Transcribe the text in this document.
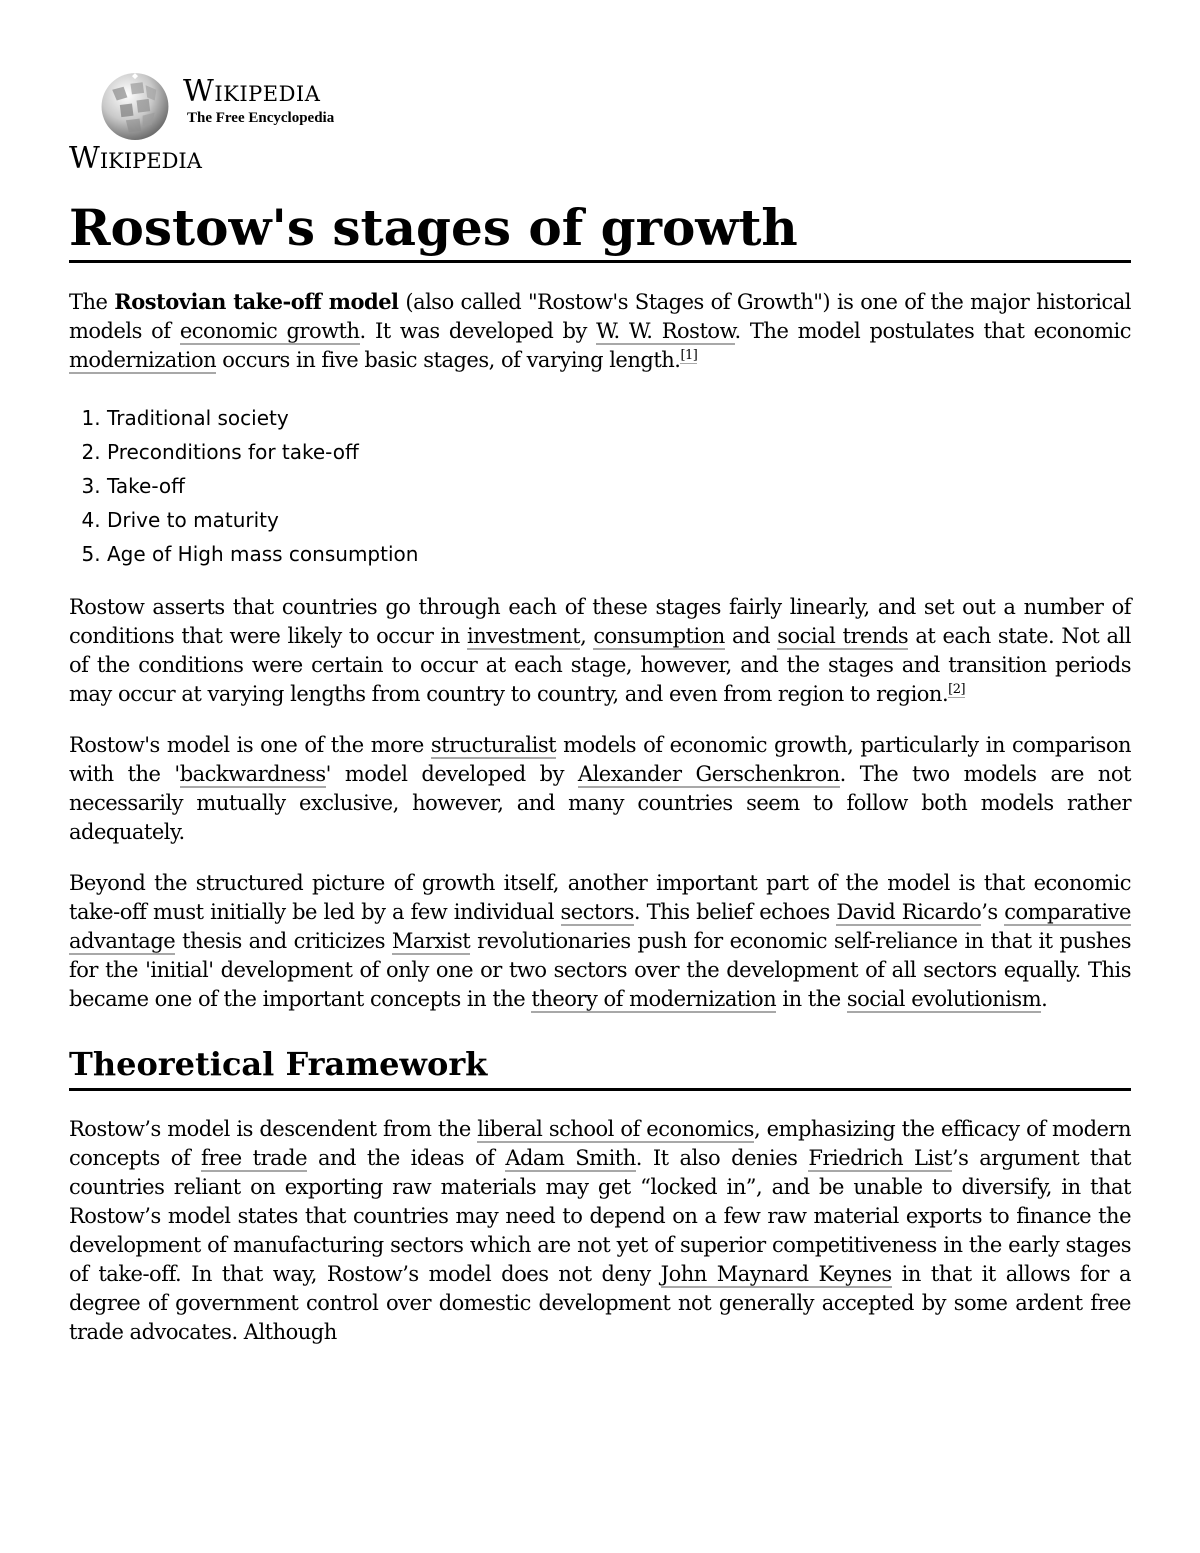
Wikipedia
The Free Encyclopedia
Wikipedia
Rostow's stages of growth

The Rostovian take-off model (also called "Rostow's Stages of Growth") is one of the major historical models of economic growth. It was developed by W. W. Rostow. The model postulates that economic modernization occurs in five basic stages, of varying length.[1]

1. Traditional society
2. Preconditions for take-off
3. Take-off
4. Drive to maturity
5. Age of High mass consumption

Rostow asserts that countries go through each of these stages fairly linearly, and set out a number of conditions that were likely to occur in investment, consumption and social trends at each state. Not all of the conditions were certain to occur at each stage, however, and the stages and transition periods may occur at varying lengths from country to country, and even from region to region.[2]

Rostow's model is one of the more structuralist models of economic growth, particularly in comparison with the 'backwardness' model developed by Alexander Gerschenkron. The two models are not necessarily mutually exclusive, however, and many countries seem to follow both models rather adequately.

Beyond the structured picture of growth itself, another important part of the model is that economic take-off must initially be led by a few individual sectors. This belief echoes David Ricardo’s comparative advantage thesis and criticizes Marxist revolutionaries push for economic self-reliance in that it pushes for the 'initial' development of only one or two sectors over the development of all sectors equally. This became one of the important concepts in the theory of modernization in the social evolutionism.

Theoretical Framework

Rostow’s model is descendent from the liberal school of economics, emphasizing the efficacy of modern concepts of free trade and the ideas of Adam Smith. It also denies Friedrich List’s argument that countries reliant on exporting raw materials may get “locked in”, and be unable to diversify, in that Rostow’s model states that countries may need to depend on a few raw material exports to finance the development of manufacturing sectors which are not yet of superior competitiveness in the early stages of take-off. In that way, Rostow’s model does not deny John Maynard Keynes in that it allows for a degree of government control over domestic development not generally accepted by some ardent free trade advocates. Although
